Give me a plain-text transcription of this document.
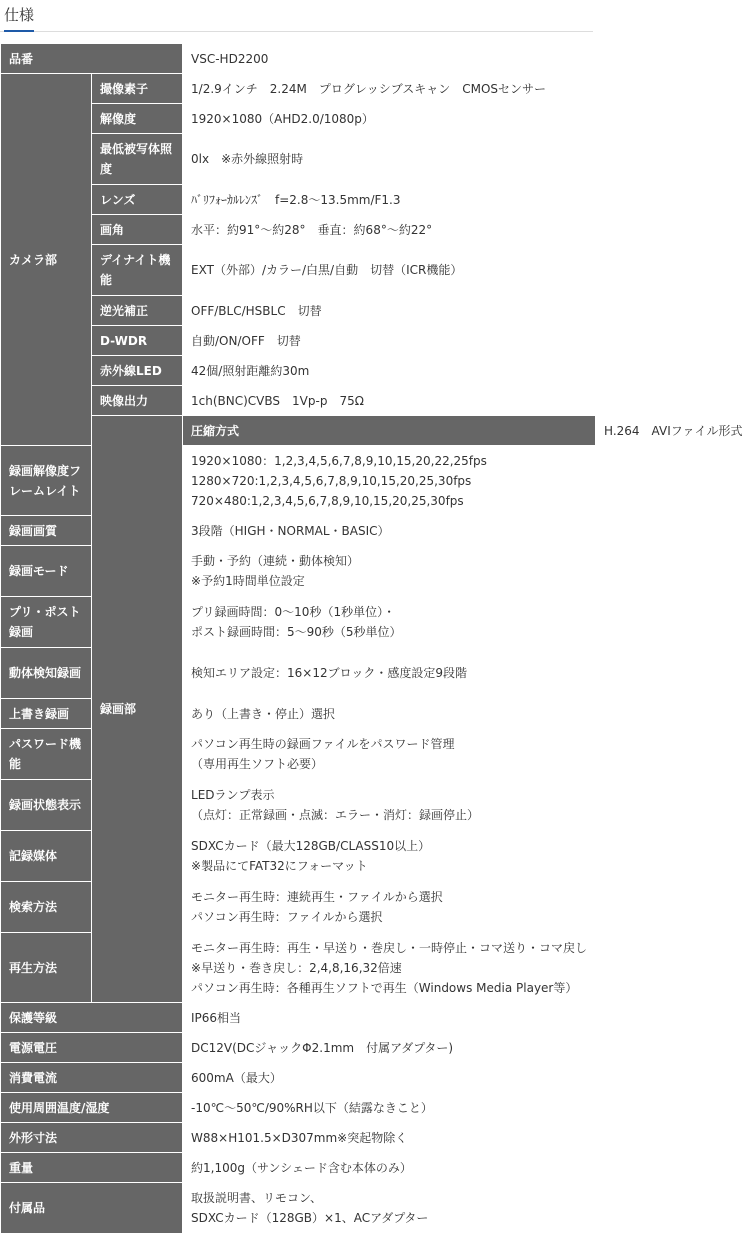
仕様
品番		VSC-HD2200	

カメラ部	撮像素子	1/2.9インチ　2.24M　プログレッシブスキャン　CMOSセンサー	

	解像度	1920×1080（AHD2.0/1080p）	

	最低被写体照度	0lx　※赤外線照射時	

	レンズ	ﾊﾞﾘﾌｫｰｶﾙﾚﾝｽﾞ　f=2.8～13.5mm/F1.3	

	画角	水平：約91°～約28°　垂直：約68°～約22°	

	デイナイト機能	EXT（外部）/カラー/白黒/自動　切替（ICR機能）	

	逆光補正	OFF/BLC/HSBLC　切替	

	D-WDR	自動/ON/OFF　切替	

	赤外線LED	42個/照射距離約30m	

	映像出力	1ch(BNC)CVBS　1Vp-p　75Ω	

	録画部	圧縮方式	H.264　AVIファイル形式

録画解像度フレームレイト		1920×1080：1,2,3,4,5,6,7,8,9,10,15,20,22,25fps
1280×720:1,2,3,4,5,6,7,8,9,10,15,20,25,30fps
720×480:1,2,3,4,5,6,7,8,9,10,15,20,25,30fps	

録画画質		3段階（HIGH・NORMAL・BASIC）	

録画モード		手動・予約（連続・動体検知）
※予約1時間単位設定	

プリ・ポスト録画		プリ録画時間：0～10秒（1秒単位）・
ポスト録画時間：5～90秒（5秒単位）	

動体検知録画		検知エリア設定：16×12ブロック・感度設定9段階	

上書き録画		あり（上書き・停止）選択	

パスワード機能		パソコン再生時の録画ファイルをパスワード管理
（専用再生ソフト必要）	

録画状態表示		LEDランプ表示
（点灯：正常録画・点滅：エラー・消灯：録画停止）	

記録媒体		SDXCカード（最大128GB/CLASS10以上）
※製品にてFAT32にフォーマット	

検索方法		モニター再生時：連続再生・ファイルから選択
パソコン再生時：ファイルから選択	

再生方法		モニター再生時：再生・早送り・巻戻し・一時停止・コマ送り・コマ戻し
※早送り・巻き戻し：2,4,8,16,32倍速
パソコン再生時：各種再生ソフトで再生（Windows Media Player等）	

保護等級		IP66相当	

電源電圧		DC12V(DCジャックΦ2.1mm　付属アダプター)	

消費電流		600mA（最大）	

使用周囲温度/湿度		-10℃～50℃/90%RH以下（結露なきこと）	

外形寸法		W88×H101.5×D307mm※突起物除く	

重量		約1,100g（サンシェード含む本体のみ）	

付属品		取扱説明書、リモコン、
SDXCカード（128GB）×1、ACアダプター	
